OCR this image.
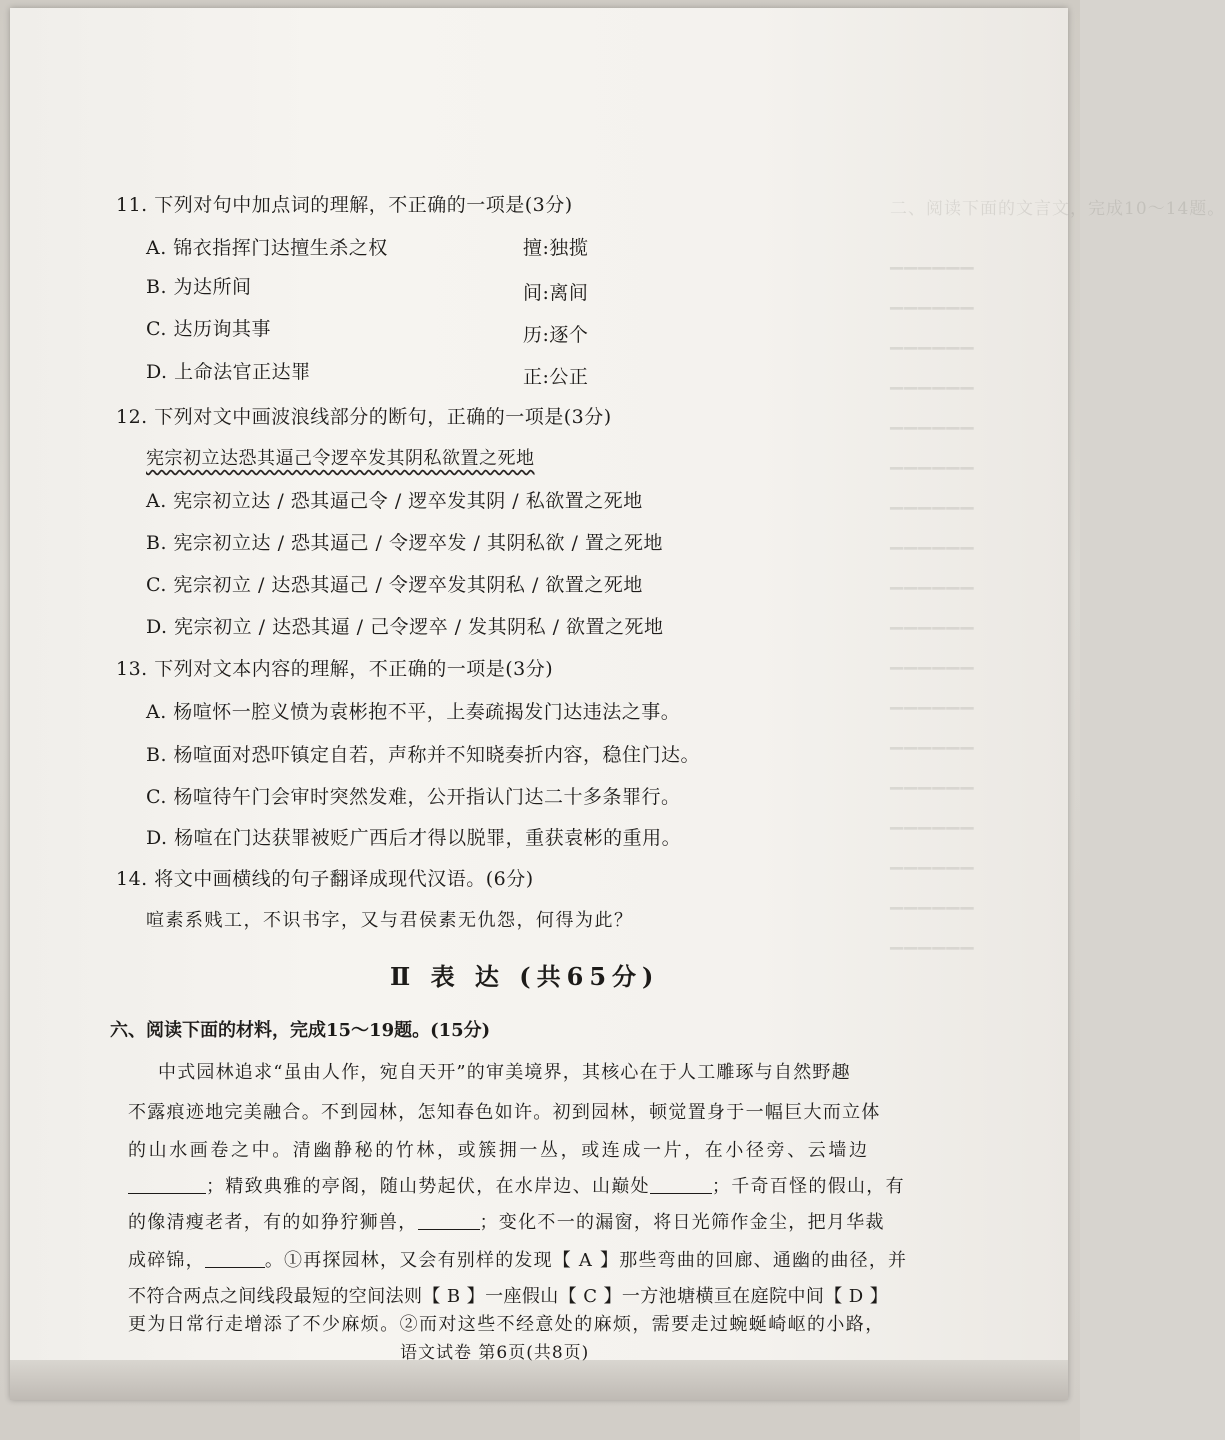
二、阅读下面的文言文，完成10～14题。
▔▔▔▔▔▔
▔▔▔▔▔▔
▔▔▔▔▔▔
▔▔▔▔▔▔
▔▔▔▔▔▔
▔▔▔▔▔▔
▔▔▔▔▔▔
▔▔▔▔▔▔
▔▔▔▔▔▔
▔▔▔▔▔▔
▔▔▔▔▔▔
▔▔▔▔▔▔
▔▔▔▔▔▔
▔▔▔▔▔▔
▔▔▔▔▔▔
▔▔▔▔▔▔
▔▔▔▔▔▔
▔▔▔▔▔▔
11. 下列对句中加点词的理解，不正确的一项是(3分)
A. 锦衣指挥门达擅生杀之权	擅:独揽
B. 为达所间	间:离间
C. 达历询其事	历:逐个
D. 上命法官正达罪	正:公正
12. 下列对文中画波浪线部分的断句，正确的一项是(3分)
宪宗初立达恐其逼己令逻卒发其阴私欲置之死地
A. 宪宗初立达 / 恐其逼己令 / 逻卒发其阴 / 私欲置之死地
B. 宪宗初立达 / 恐其逼己 / 令逻卒发 / 其阴私欲 / 置之死地
C. 宪宗初立 / 达恐其逼己 / 令逻卒发其阴私 / 欲置之死地
D. 宪宗初立 / 达恐其逼 / 己令逻卒 / 发其阴私 / 欲置之死地
13. 下列对文本内容的理解，不正确的一项是(3分)
A. 杨喧怀一腔义愤为袁彬抱不平，上奏疏揭发门达违法之事。
B. 杨喧面对恐吓镇定自若，声称并不知晓奏折内容，稳住门达。
C. 杨喧待午门会审时突然发难，公开指认门达二十多条罪行。
D. 杨喧在门达获罪被贬广西后才得以脱罪，重获袁彬的重用。
14. 将文中画横线的句子翻译成现代汉语。(6分)
喧素系贱工，不识书字，又与君侯素无仇怨，何得为此？
Ⅱ 表 达 (共65分)
六、阅读下面的材料，完成15～19题。(15分)
中式园林追求“虽由人作，宛自天开”的审美境界，其核心在于人工雕琢与自然野趣
不露痕迹地完美融合。不到园林，怎知春色如许。初到园林，顿觉置身于一幅巨大而立体
的山水画卷之中。清幽静秘的竹林，或簇拥一丛，或连成一片，在小径旁、云墙边
；精致典雅的亭阁，随山势起伏，在水岸边、山巅处	；千奇百怪的假山，有
的像清瘦老者，有的如狰狞狮兽，	；变化不一的漏窗，将日光筛作金尘，把月华裁
成碎锦，	。①再探园林，又会有别样的发现【 A 】那些弯曲的回廊、通幽的曲径，并
不符合两点之间线段最短的空间法则【 B 】一座假山【 C 】一方池塘横亘在庭院中间【 D 】
更为日常行走增添了不少麻烦。②而对这些不经意处的麻烦，需要走过蜿蜒崎岖的小路，
语文试卷 第6页(共8页)
